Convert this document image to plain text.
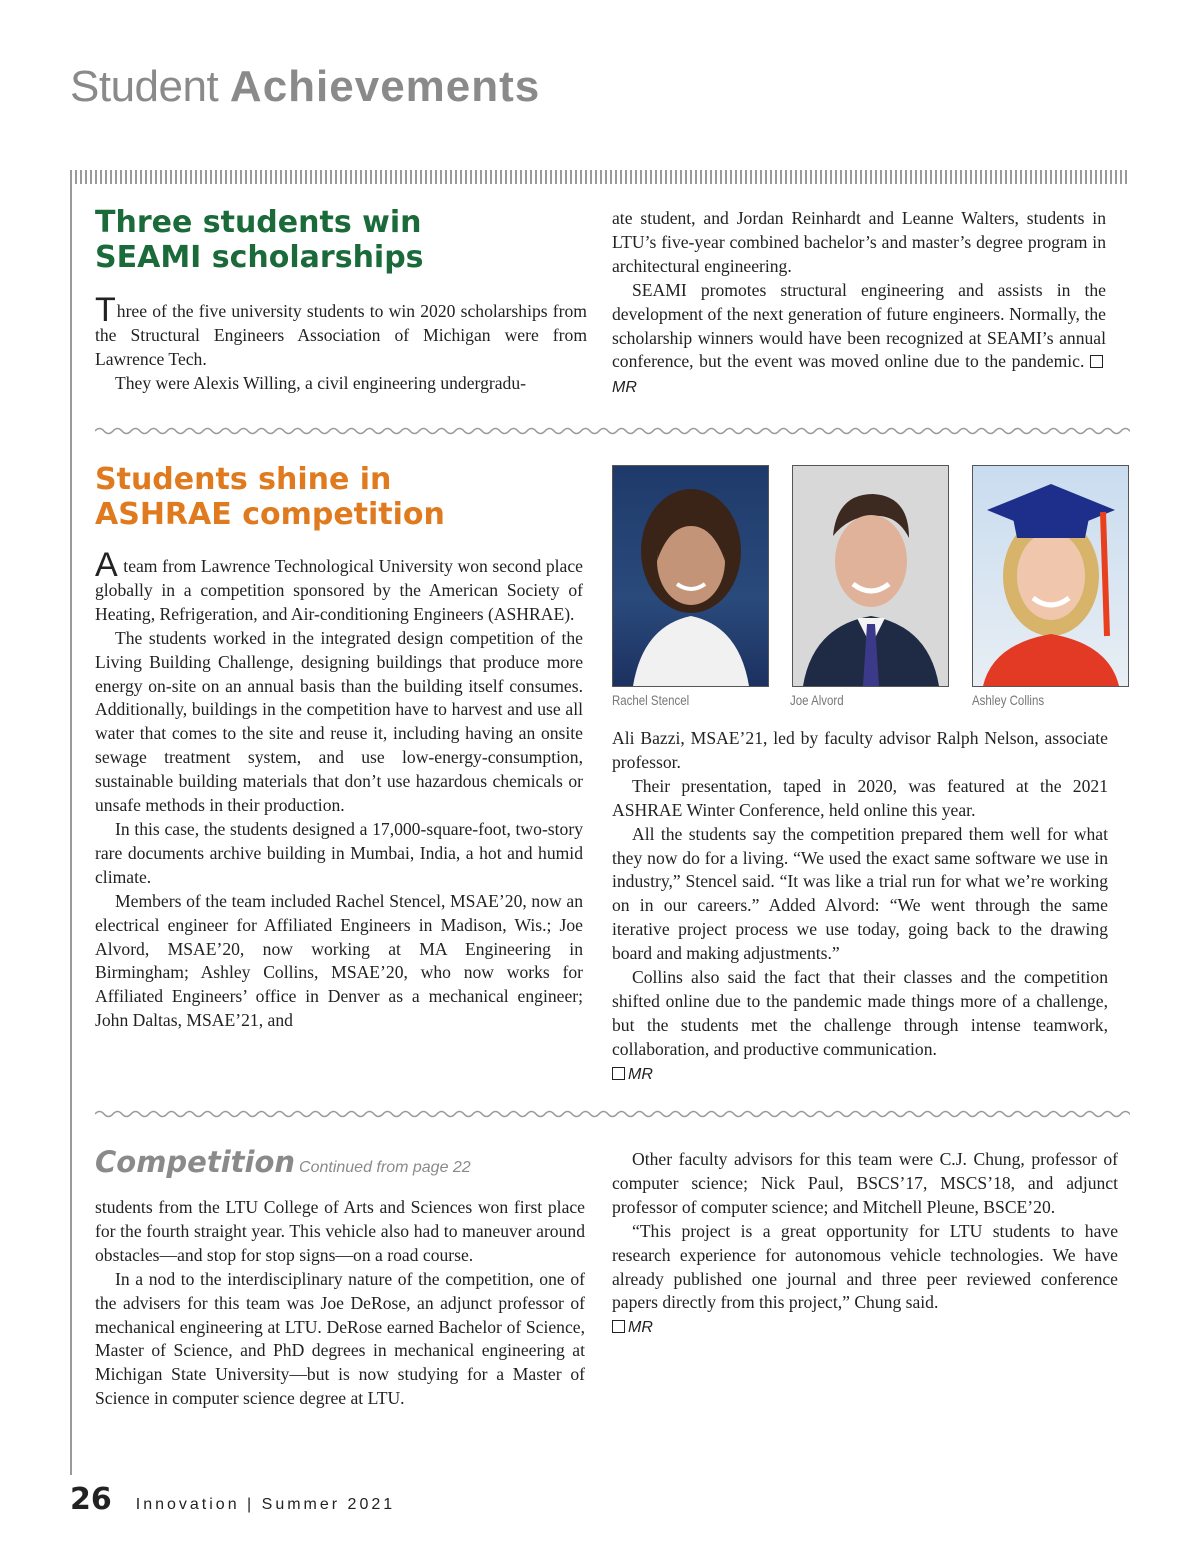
Student Achievements
Three students win
SEAMI scholarships

Three of the five university students to win 2020 scholarships from the Structural Engineers Association of Michigan were from Lawrence Tech.

They were Alexis Willing, a civil engineering undergradu-

ate student, and Jordan Reinhardt and Leanne Walters, students in LTU’s five-year combined bachelor’s and master’s degree program in architectural engineering.

SEAMI promotes structural engineering and assists in the development of the next generation of future engineers. Normally, the scholarship winners would have been recognized at SEAMI’s annual conference, but the event was moved online due to the pandemic. MR

Students shine in
ASHRAE competition

A team from Lawrence Technological University won second place globally in a competition sponsored by the American Society of Heating, Refrigeration, and Air-conditioning Engineers (ASHRAE).

The students worked in the integrated design competition of the Living Building Challenge, designing buildings that produce more energy on-site on an annual basis than the building itself consumes. Additionally, buildings in the competition have to harvest and use all water that comes to the site and reuse it, including having an onsite sewage treatment system, and use low-energy-consumption, sustainable building materials that don’t use hazardous chemicals or unsafe methods in their production.

In this case, the students designed a 17,000-square-foot, two-story rare documents archive building in Mumbai, India, a hot and humid climate.

Members of the team included Rachel Stencel, MSAE’20, now an electrical engineer for Affiliated Engineers in Madison, Wis.; Joe Alvord, MSAE’20, now working at MA Engineering in Birmingham; Ashley Collins, MSAE’20, who now works for Affiliated Engineers’ office in Denver as a mechanical engineer; John Daltas, MSAE’21, and

Rachel Stencel	Joe Alvord	Ashley Collins

Ali Bazzi, MSAE’21, led by faculty advisor Ralph Nelson, associate professor.

Their presentation, taped in 2020, was featured at the 2021 ASHRAE Winter Conference, held online this year.

All the students say the competition prepared them well for what they now do for a living. “We used the exact same software we use in industry,” Stencel said. “It was like a trial run for what we’re working on in our careers.” Added Alvord: “We went through the same iterative project process we use today, going back to the drawing board and making adjustments.”

Collins also said the fact that their classes and the competition shifted online due to the pandemic made things more of a challenge, but the students met the challenge through intense teamwork, collaboration, and productive communication.

MR

Competition Continued from page 22

students from the LTU College of Arts and Sciences won first place for the fourth straight year. This vehicle also had to maneuver around obstacles—and stop for stop signs—on a road course.

In a nod to the interdisciplinary nature of the competition, one of the advisers for this team was Joe DeRose, an adjunct professor of mechanical engineering at LTU. DeRose earned Bachelor of Science, Master of Science, and PhD degrees in mechanical engineering at Michigan State University—but is now studying for a Master of Science in computer science degree at LTU.

Other faculty advisors for this team were C.J. Chung, professor of computer science; Nick Paul, BSCS’17, MSCS’18, and adjunct professor of computer science; and Mitchell Pleune, BSCE’20.

“This project is a great opportunity for LTU students to have research experience for autonomous vehicle technologies. We have already published one journal and three peer reviewed conference papers directly from this project,” Chung said.

MR

26 Innovation | Summer 2021
